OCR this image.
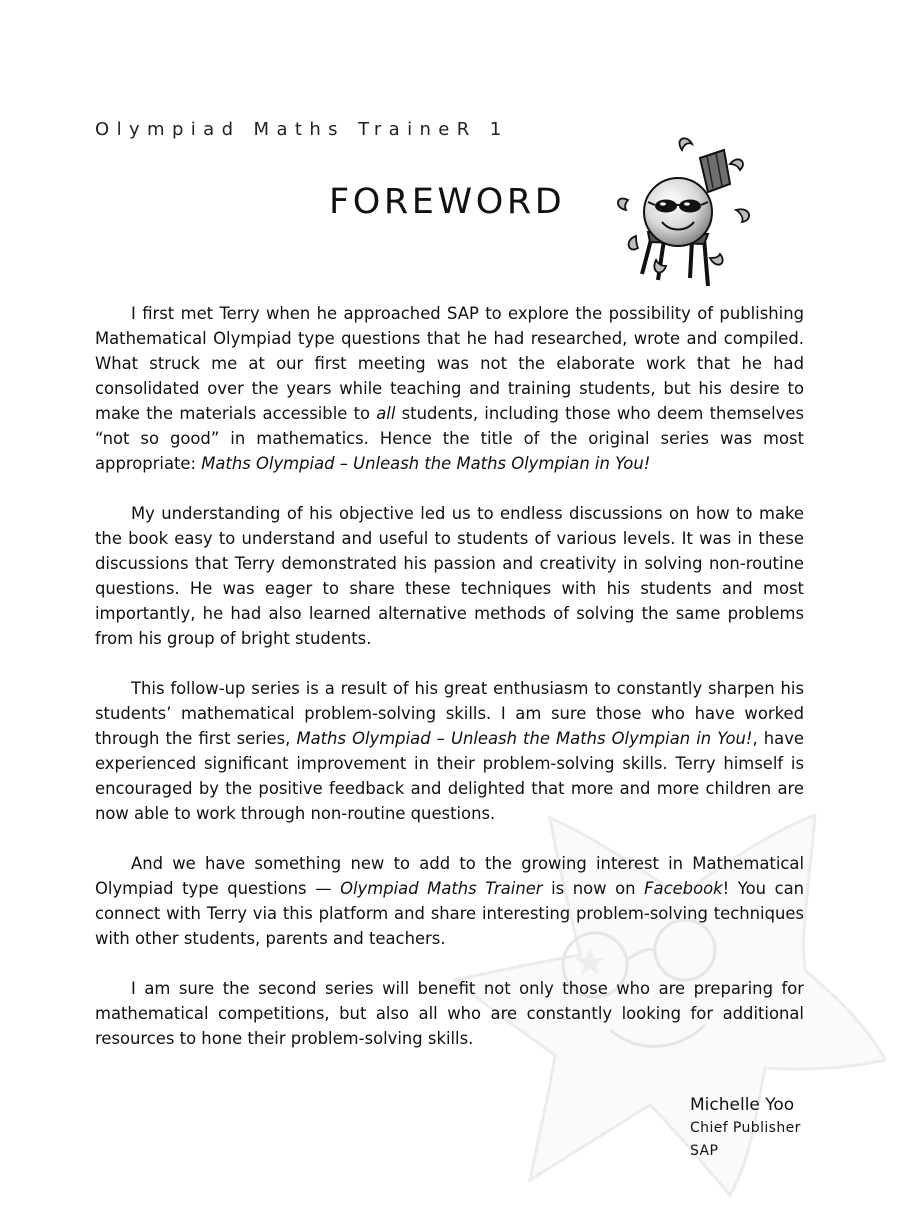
Olympiad Maths TraineR 1
FOREWORD

I first met Terry when he approached SAP to explore the possibility of publishing Mathematical Olympiad type questions that he had researched, wrote and compiled. What struck me at our first meeting was not the elaborate work that he had consolidated over the years while teaching and training students, but his desire to make the materials accessible to all students, including those who deem themselves “not so good” in mathematics. Hence the title of the original series was most appropriate: Maths Olympiad – Unleash the Maths Olympian in You!

My understanding of his objective led us to endless discussions on how to make the book easy to understand and useful to students of various levels. It was in these discussions that Terry demonstrated his passion and creativity in solving non-routine questions. He was eager to share these techniques with his students and most importantly, he had also learned alternative methods of solving the same problems from his group of bright students.

This follow-up series is a result of his great enthusiasm to constantly sharpen his students’ mathematical problem-solving skills. I am sure those who have worked through the first series, Maths Olympiad – Unleash the Maths Olympian in You!, have experienced significant improvement in their problem-solving skills. Terry himself is encouraged by the positive feedback and delighted that more and more children are now able to work through non-routine questions.

And we have something new to add to the growing interest in Mathematical Olympiad type questions — Olympiad Maths Trainer is now on Facebook! You can connect with Terry via this platform and share interesting problem-solving techniques with other students, parents and teachers.

I am sure the second series will benefit not only those who are preparing for mathematical competitions, but also all who are constantly looking for additional resources to hone their problem-solving skills.

Michelle Yoo
Chief Publisher
SAP
